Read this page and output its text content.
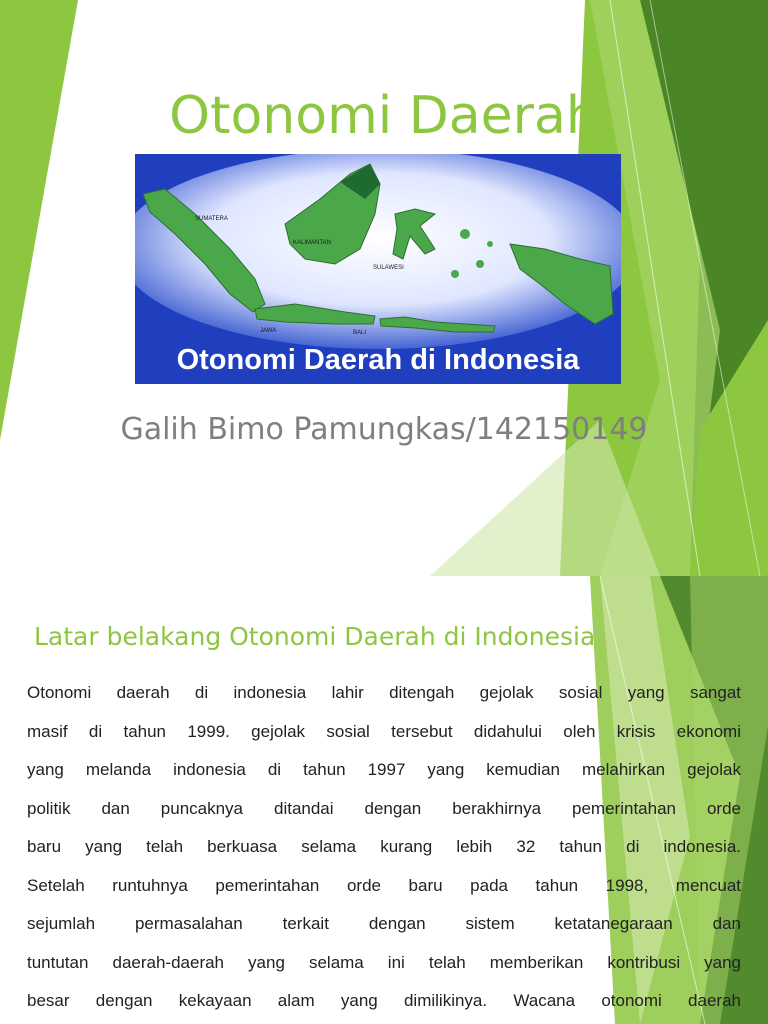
Otonomi Daerah
SUMATERA
KALIMANTAN
SULAWESI
JAWA	BALI
Otonomi Daerah di Indonesia
Galih Bimo Pamungkas/142150149
Latar belakang Otonomi Daerah di Indonesia
Otonomi daerah di indonesia lahir ditengah gejolak sosial yang sangat
masif di tahun 1999. gejolak sosial tersebut didahului oleh krisis ekonomi
yang melanda indonesia di tahun 1997 yang kemudian melahirkan gejolak
politik dan puncaknya ditandai dengan berakhirnya pemerintahan orde
baru yang telah berkuasa selama kurang lebih 32 tahun di indonesia.
Setelah runtuhnya pemerintahan orde baru pada tahun 1998, mencuat
sejumlah permasalahan terkait dengan sistem ketatanegaraan dan
tuntutan daerah-daerah yang selama ini telah memberikan kontribusi yang
besar dengan kekayaan alam yang dimilikinya. Wacana otonomi daerah
